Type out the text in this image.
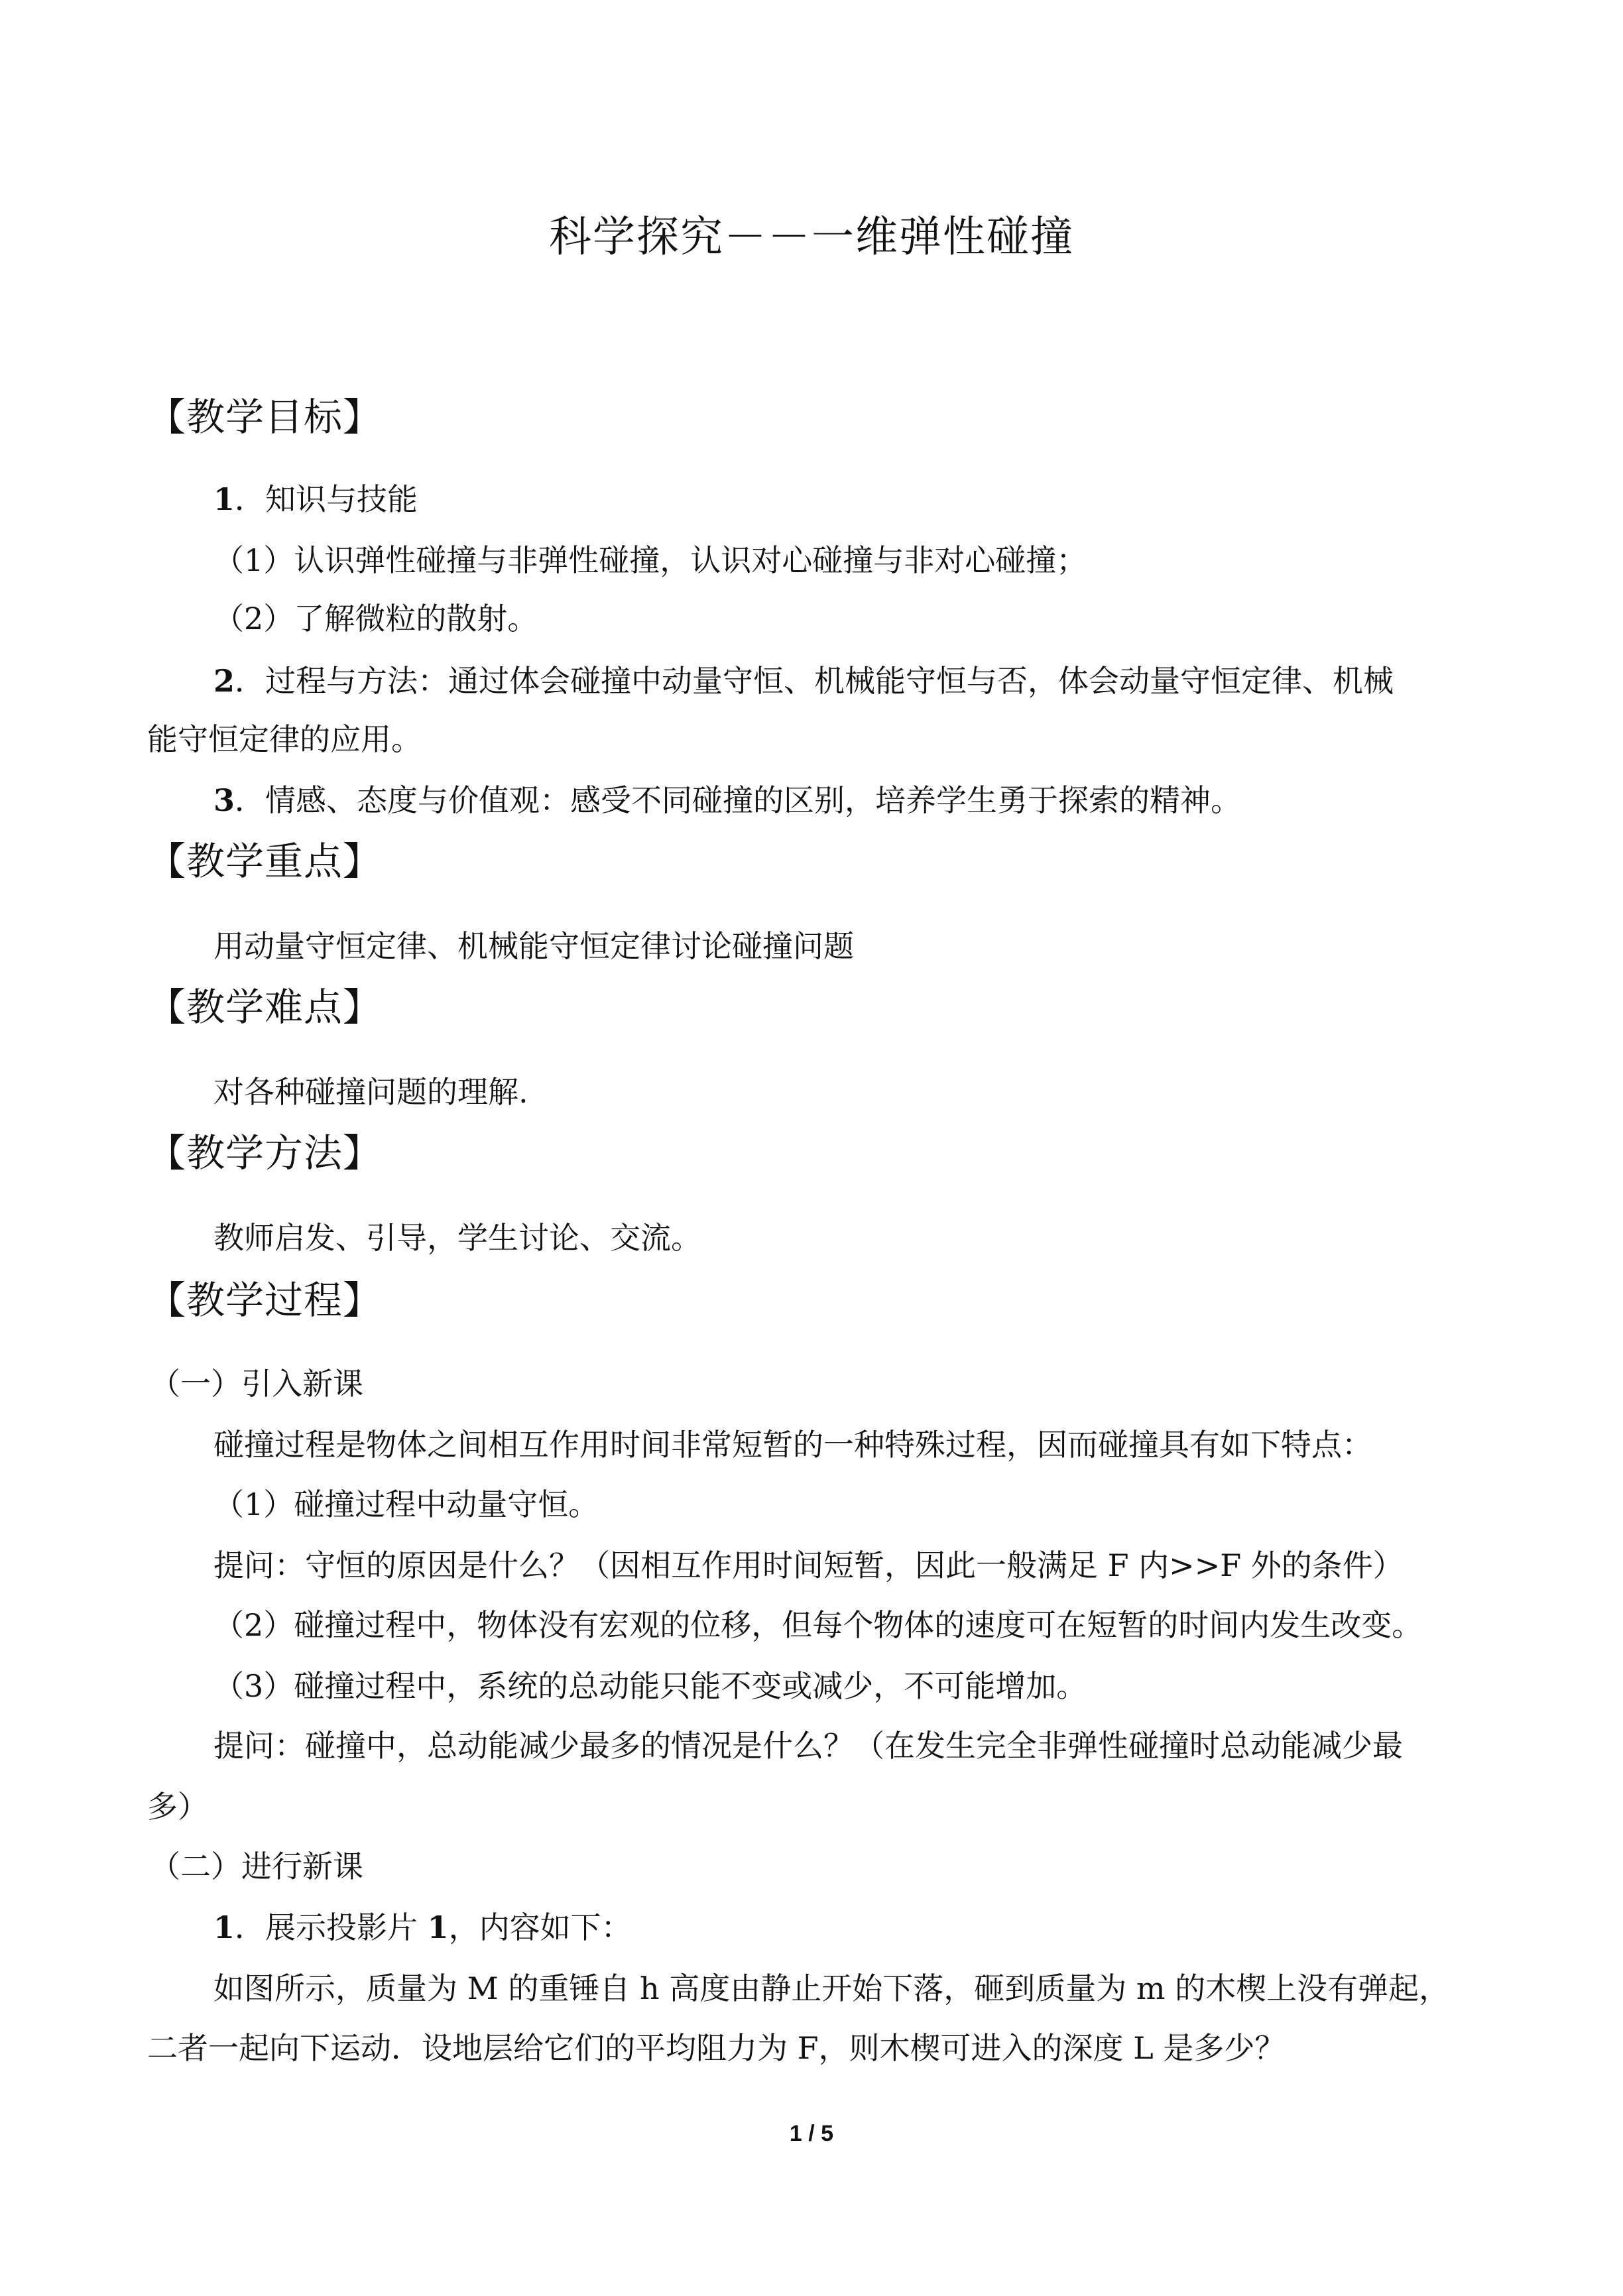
科学探究－－一维弹性碰撞
【教学目标】
1．知识与技能
（1）认识弹性碰撞与非弹性碰撞，认识对心碰撞与非对心碰撞；
（2）了解微粒的散射。
2．过程与方法：通过体会碰撞中动量守恒、机械能守恒与否，体会动量守恒定律、机械
能守恒定律的应用。
3．情感、态度与价值观：感受不同碰撞的区别，培养学生勇于探索的精神。
【教学重点】
用动量守恒定律、机械能守恒定律讨论碰撞问题
【教学难点】
对各种碰撞问题的理解.
【教学方法】
教师启发、引导，学生讨论、交流。
【教学过程】
（一）引入新课
碰撞过程是物体之间相互作用时间非常短暂的一种特殊过程，因而碰撞具有如下特点：
（1）碰撞过程中动量守恒。
提问：守恒的原因是什么？（因相互作用时间短暂，因此一般满足 F 内>>F 外的条件）
（2）碰撞过程中，物体没有宏观的位移，但每个物体的速度可在短暂的时间内发生改变。
（3）碰撞过程中，系统的总动能只能不变或减少，不可能增加。
提问：碰撞中，总动能减少最多的情况是什么？（在发生完全非弹性碰撞时总动能减少最
多）
（二）进行新课
1．展示投影片 1，内容如下：
如图所示，质量为 M 的重锤自 h 高度由静止开始下落，砸到质量为 m 的木楔上没有弹起，
二者一起向下运动．设地层给它们的平均阻力为 F，则木楔可进入的深度 L 是多少？
1 / 5
